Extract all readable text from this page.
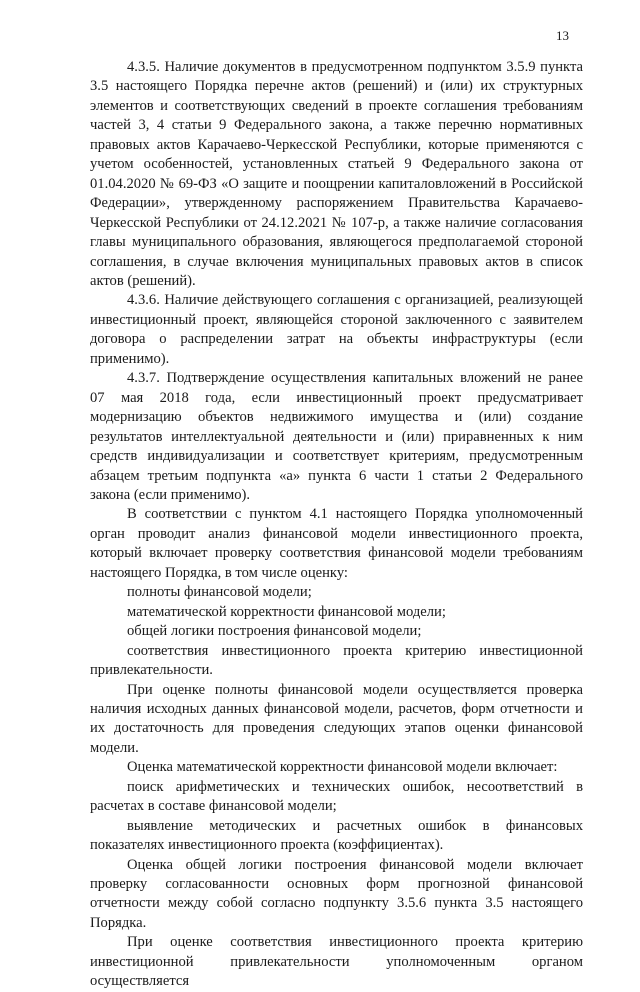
13

4.3.5. Наличие документов в предусмотренном подпунктом 3.5.9 пункта 3.5 настоящего Порядка перечне актов (решений) и (или) их структурных элементов и соответствующих сведений в проекте соглашения требованиям частей 3, 4 статьи 9 Федерального закона, а также перечню нормативных правовых актов Карачаево-Черкесской Республики, которые применяются с учетом особенностей, установленных статьей 9 Федерального закона от 01.04.2020 № 69-ФЗ «О защите и поощрении капиталовложений в Российской Федерации», утвержденному распоряжением Правительства Карачаево-Черкесской Республики от 24.12.2021 № 107-р, а также наличие согласования главы муниципального образования, являющегося предполагаемой стороной соглашения, в случае включения муниципальных правовых актов в список актов (решений).

4.3.6. Наличие действующего соглашения с организацией, реализующей инвестиционный проект, являющейся стороной заключенного с заявителем договора о распределении затрат на объекты инфраструктуры (если применимо).

4.3.7. Подтверждение осуществления капитальных вложений не ранее 07 мая 2018 года, если инвестиционный проект предусматривает модернизацию объектов недвижимого имущества и (или) создание результатов интеллектуальной деятельности и (или) приравненных к ним средств индивидуализации и соответствует критериям, предусмотренным абзацем третьим подпункта «а» пункта 6 части 1 статьи 2 Федерального закона (если применимо).

В соответствии с пунктом 4.1 настоящего Порядка уполномоченный орган проводит анализ финансовой модели инвестиционного проекта, который включает проверку соответствия финансовой модели требованиям настоящего Порядка, в том числе оценку:

полноты финансовой модели;

математической корректности финансовой модели;

общей логики построения финансовой модели;

соответствия инвестиционного проекта критерию инвестиционной привлекательности.

При оценке полноты финансовой модели осуществляется проверка наличия исходных данных финансовой модели, расчетов, форм отчетности и их достаточность для проведения следующих этапов оценки финансовой модели.

Оценка математической корректности финансовой модели включает:

поиск арифметических и технических ошибок, несоответствий в расчетах в составе финансовой модели;

выявление методических и расчетных ошибок в финансовых показателях инвестиционного проекта (коэффициентах).

Оценка общей логики построения финансовой модели включает проверку согласованности основных форм прогнозной финансовой отчетности между собой согласно подпункту 3.5.6 пункта 3.5 настоящего Порядка.

При оценке соответствия инвестиционного проекта критерию инвестиционной привлекательности уполномоченным органом осуществляется
